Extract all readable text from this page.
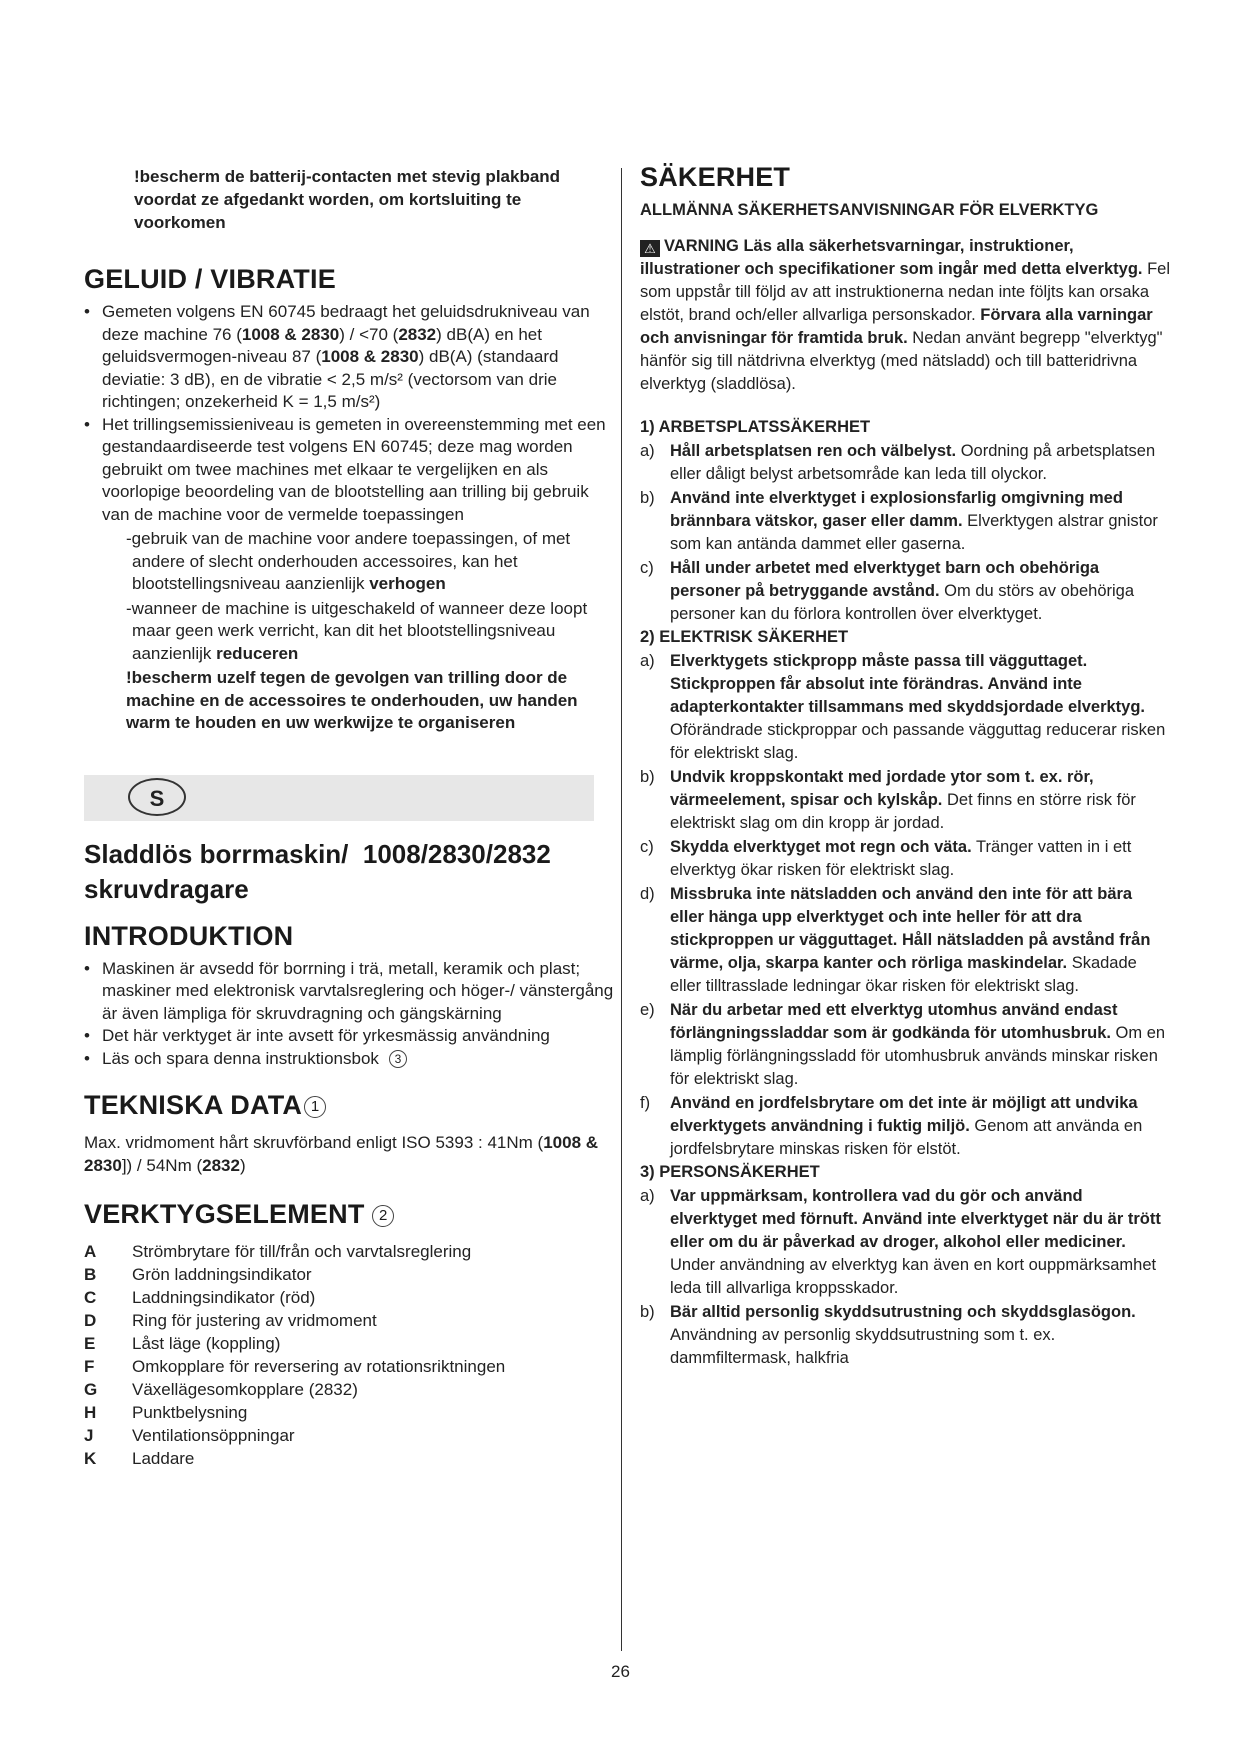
!bescherm de batterij-contacten met stevig plakband voordat ze afgedankt worden, om kortsluiting te voorkomen
GELUID / VIBRATIE
• Gemeten volgens EN 60745 bedraagt het geluidsdrukniveau van deze machine 76 (1008 & 2830) / <70 (2832) dB(A) en het geluidsvermogen-niveau 87 (1008 & 2830) dB(A) (standaard deviatie: 3 dB), en de vibratie < 2,5 m/s² (vectorsom van drie richtingen; onzekerheid K = 1,5 m/s²)
• Het trillingsemissieniveau is gemeten in overeenstemming met een gestandaardiseerde test volgens EN 60745; deze mag worden gebruikt om twee machines met elkaar te vergelijken en als voorlopige beoordeling van de blootstelling aan trilling bij gebruik van de machine voor de vermelde toepassingen
-gebruik van de machine voor andere toepassingen, of met andere of slecht onderhouden accessoires, kan het blootstellingsniveau aanzienlijk verhogen
-wanneer de machine is uitgeschakeld of wanneer deze loopt maar geen werk verricht, kan dit het blootstellingsniveau aanzienlijk reduceren
!bescherm uzelf tegen de gevolgen van trilling door de machine en de accessoires te onderhouden, uw handen warm te houden en uw werkwijze te organiseren
S
Sladdlös borrmaskin/ 1008/2830/2832
skruvdragare
INTRODUKTION
• Maskinen är avsedd för borrning i trä, metall, keramik och plast; maskiner med elektronisk varvtalsreglering och höger-/ vänstergång är även lämpliga för skruvdragning och gängskärning
• Det här verktyget är inte avsett för yrkesmässig användning
• Läs och spara denna instruktionsbok 3
TEKNISKA DATA 1
Max. vridmoment hårt skruvförband enligt ISO 5393 : 41Nm (1008 & 2830]) / 54Nm (2832)
VERKTYGSELEMENT 2
A	Strömbrytare för till/från och varvtalsreglering
B	Grön laddningsindikator
C	Laddningsindikator (röd)
D	Ring för justering av vridmoment
E	Låst läge (koppling)
F	Omkopplare för reversering av rotationsriktningen
G	Växellägesomkopplare (2832)
H	Punktbelysning
J	Ventilationsöppningar
K	Laddare
SÄKERHET
ALLMÄNNA SÄKERHETSANVISNINGAR FÖR ELVERKTYG
⚠ VARNING Läs alla säkerhetsvarningar, instruktioner, illustrationer och specifikationer som ingår med detta elverktyg. Fel som uppstår till följd av att instruktionerna nedan inte följts kan orsaka elstöt, brand och/eller allvarliga personskador. Förvara alla varningar och anvisningar för framtida bruk. Nedan använt begrepp "elverktyg" hänför sig till nätdrivna elverktyg (med nätsladd) och till batteridrivna elverktyg (sladdlösa).
1) ARBETSPLATSSÄKERHET
a) Håll arbetsplatsen ren och välbelyst. Oordning på arbetsplatsen eller dåligt belyst arbetsområde kan leda till olyckor.
b) Använd inte elverktyget i explosionsfarlig omgivning med brännbara vätskor, gaser eller damm. Elverktygen alstrar gnistor som kan antända dammet eller gaserna.
c) Håll under arbetet med elverktyget barn och obehöriga personer på betryggande avstånd. Om du störs av obehöriga personer kan du förlora kontrollen över elverktyget.
2) ELEKTRISK SÄKERHET
a) Elverktygets stickpropp måste passa till vägguttaget. Stickproppen får absolut inte förändras. Använd inte adapterkontakter tillsammans med skyddsjordade elverktyg. Oförändrade stickproppar och passande vägguttag reducerar risken för elektriskt slag.
b) Undvik kroppskontakt med jordade ytor som t. ex. rör, värmeelement, spisar och kylskåp. Det finns en större risk för elektriskt slag om din kropp är jordad.
c) Skydda elverktyget mot regn och väta. Tränger vatten in i ett elverktyg ökar risken för elektriskt slag.
d) Missbruka inte nätsladden och använd den inte för att bära eller hänga upp elverktyget och inte heller för att dra stickproppen ur vägguttaget. Håll nätsladden på avstånd från värme, olja, skarpa kanter och rörliga maskindelar. Skadade eller tilltrasslade ledningar ökar risken för elektriskt slag.
e) När du arbetar med ett elverktyg utomhus använd endast förlängningssladdar som är godkända för utomhusbruk. Om en lämplig förlängningssladd för utomhusbruk används minskar risken för elektriskt slag.
f) Använd en jordfelsbrytare om det inte är möjligt att undvika elverktygets användning i fuktig miljö. Genom att använda en jordfelsbrytare minskas risken för elstöt.
3) PERSONSÄKERHET
a) Var uppmärksam, kontrollera vad du gör och använd elverktyget med förnuft. Använd inte elverktyget när du är trött eller om du är påverkad av droger, alkohol eller mediciner. Under användning av elverktyg kan även en kort ouppmärksamhet leda till allvarliga kroppsskador.
b) Bär alltid personlig skyddsutrustning och skyddsglasögon. Användning av personlig skyddsutrustning som t. ex. dammfiltermask, halkfria
26
